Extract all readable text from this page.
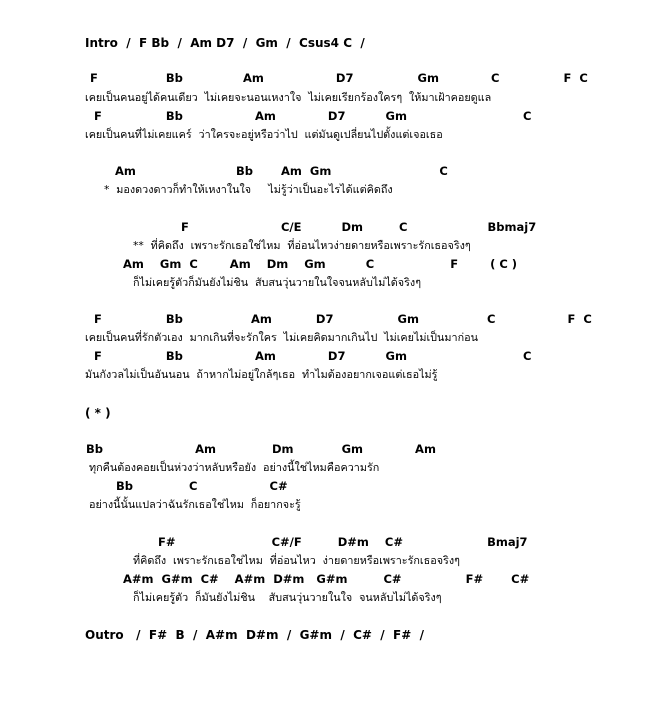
Intro  /  F Bb  /  Am D7  /  Gm  /  Csus4 C  /
F                 Bb               Am                  D7                Gm             C                F  C
เคยเป็นคนอยู่ได้คนเดียว  ไม่เคยจะนอนเหงาใจ  ไม่เคยเรียกร้องใครๆ  ให้มาเฝ้าคอยดูแล
F                Bb                  Am             D7          Gm                             C
เคยเป็นคนที่ไม่เคยแคร์  ว่าใครจะอยู่หรือว่าไป  แต่มันดูเปลี่ยนไปตั้งแต่เจอเธอ
Am                         Bb       Am  Gm                           C
*  มองดวงดาวก็ทำให้เหงาในใจ     ไม่รู้ว่าเป็นอะไรได้แต่คิดถึง
F                       C/E          Dm         C                    Bbmaj7
**  ที่คิดถึง  เพราะรักเธอใช่ไหม  ที่อ่อนไหวง่ายดายหรือเพราะรักเธอจริงๆ
Am    Gm  C        Am    Dm    Gm          C                   F        ( C )
ก็ไม่เคยรู้ตัวก็มันยังไม่ชิน  สับสนวุ่นวายในใจจนหลับไม่ได้จริงๆ
F                Bb                 Am           D7                Gm                 C                  F  C
เคยเป็นคนที่รักตัวเอง  มากเกินที่จะรักใคร  ไม่เคยคิดมากเกินไป  ไม่เคยไม่เป็นมาก่อน
F                Bb                  Am             D7          Gm                             C
มันกังวลไม่เป็นอันนอน  ถ้าหากไม่อยู่ใกล้ๆเธอ  ทำไมต้องอยากเจอแต่เธอไม่รู้
( * )
Bb                       Am              Dm            Gm             Am
ทุกคืนต้องคอยเป็นห่วงว่าหลับหรือยัง  อย่างนี้ใช่ไหมคือความรัก
Bb              C                  C#
อย่างนี้นั้นแปลว่าฉันรักเธอใช่ไหม  ก็อยากจะรู้
F#                        C#/F         D#m    C#                     Bmaj7
ที่คิดถึง  เพราะรักเธอใช่ไหม  ที่อ่อนไหว  ง่ายดายหรือเพราะรักเธอจริงๆ
A#m  G#m  C#    A#m  D#m   G#m         C#                F#       C#
ก็ไม่เคยรู้ตัว  ก็มันยังไม่ชิน    สับสนวุ่นวายในใจ  จนหลับไม่ได้จริงๆ
Outro   /  F#  B  /  A#m  D#m  /  G#m  /  C#  /  F#  /
